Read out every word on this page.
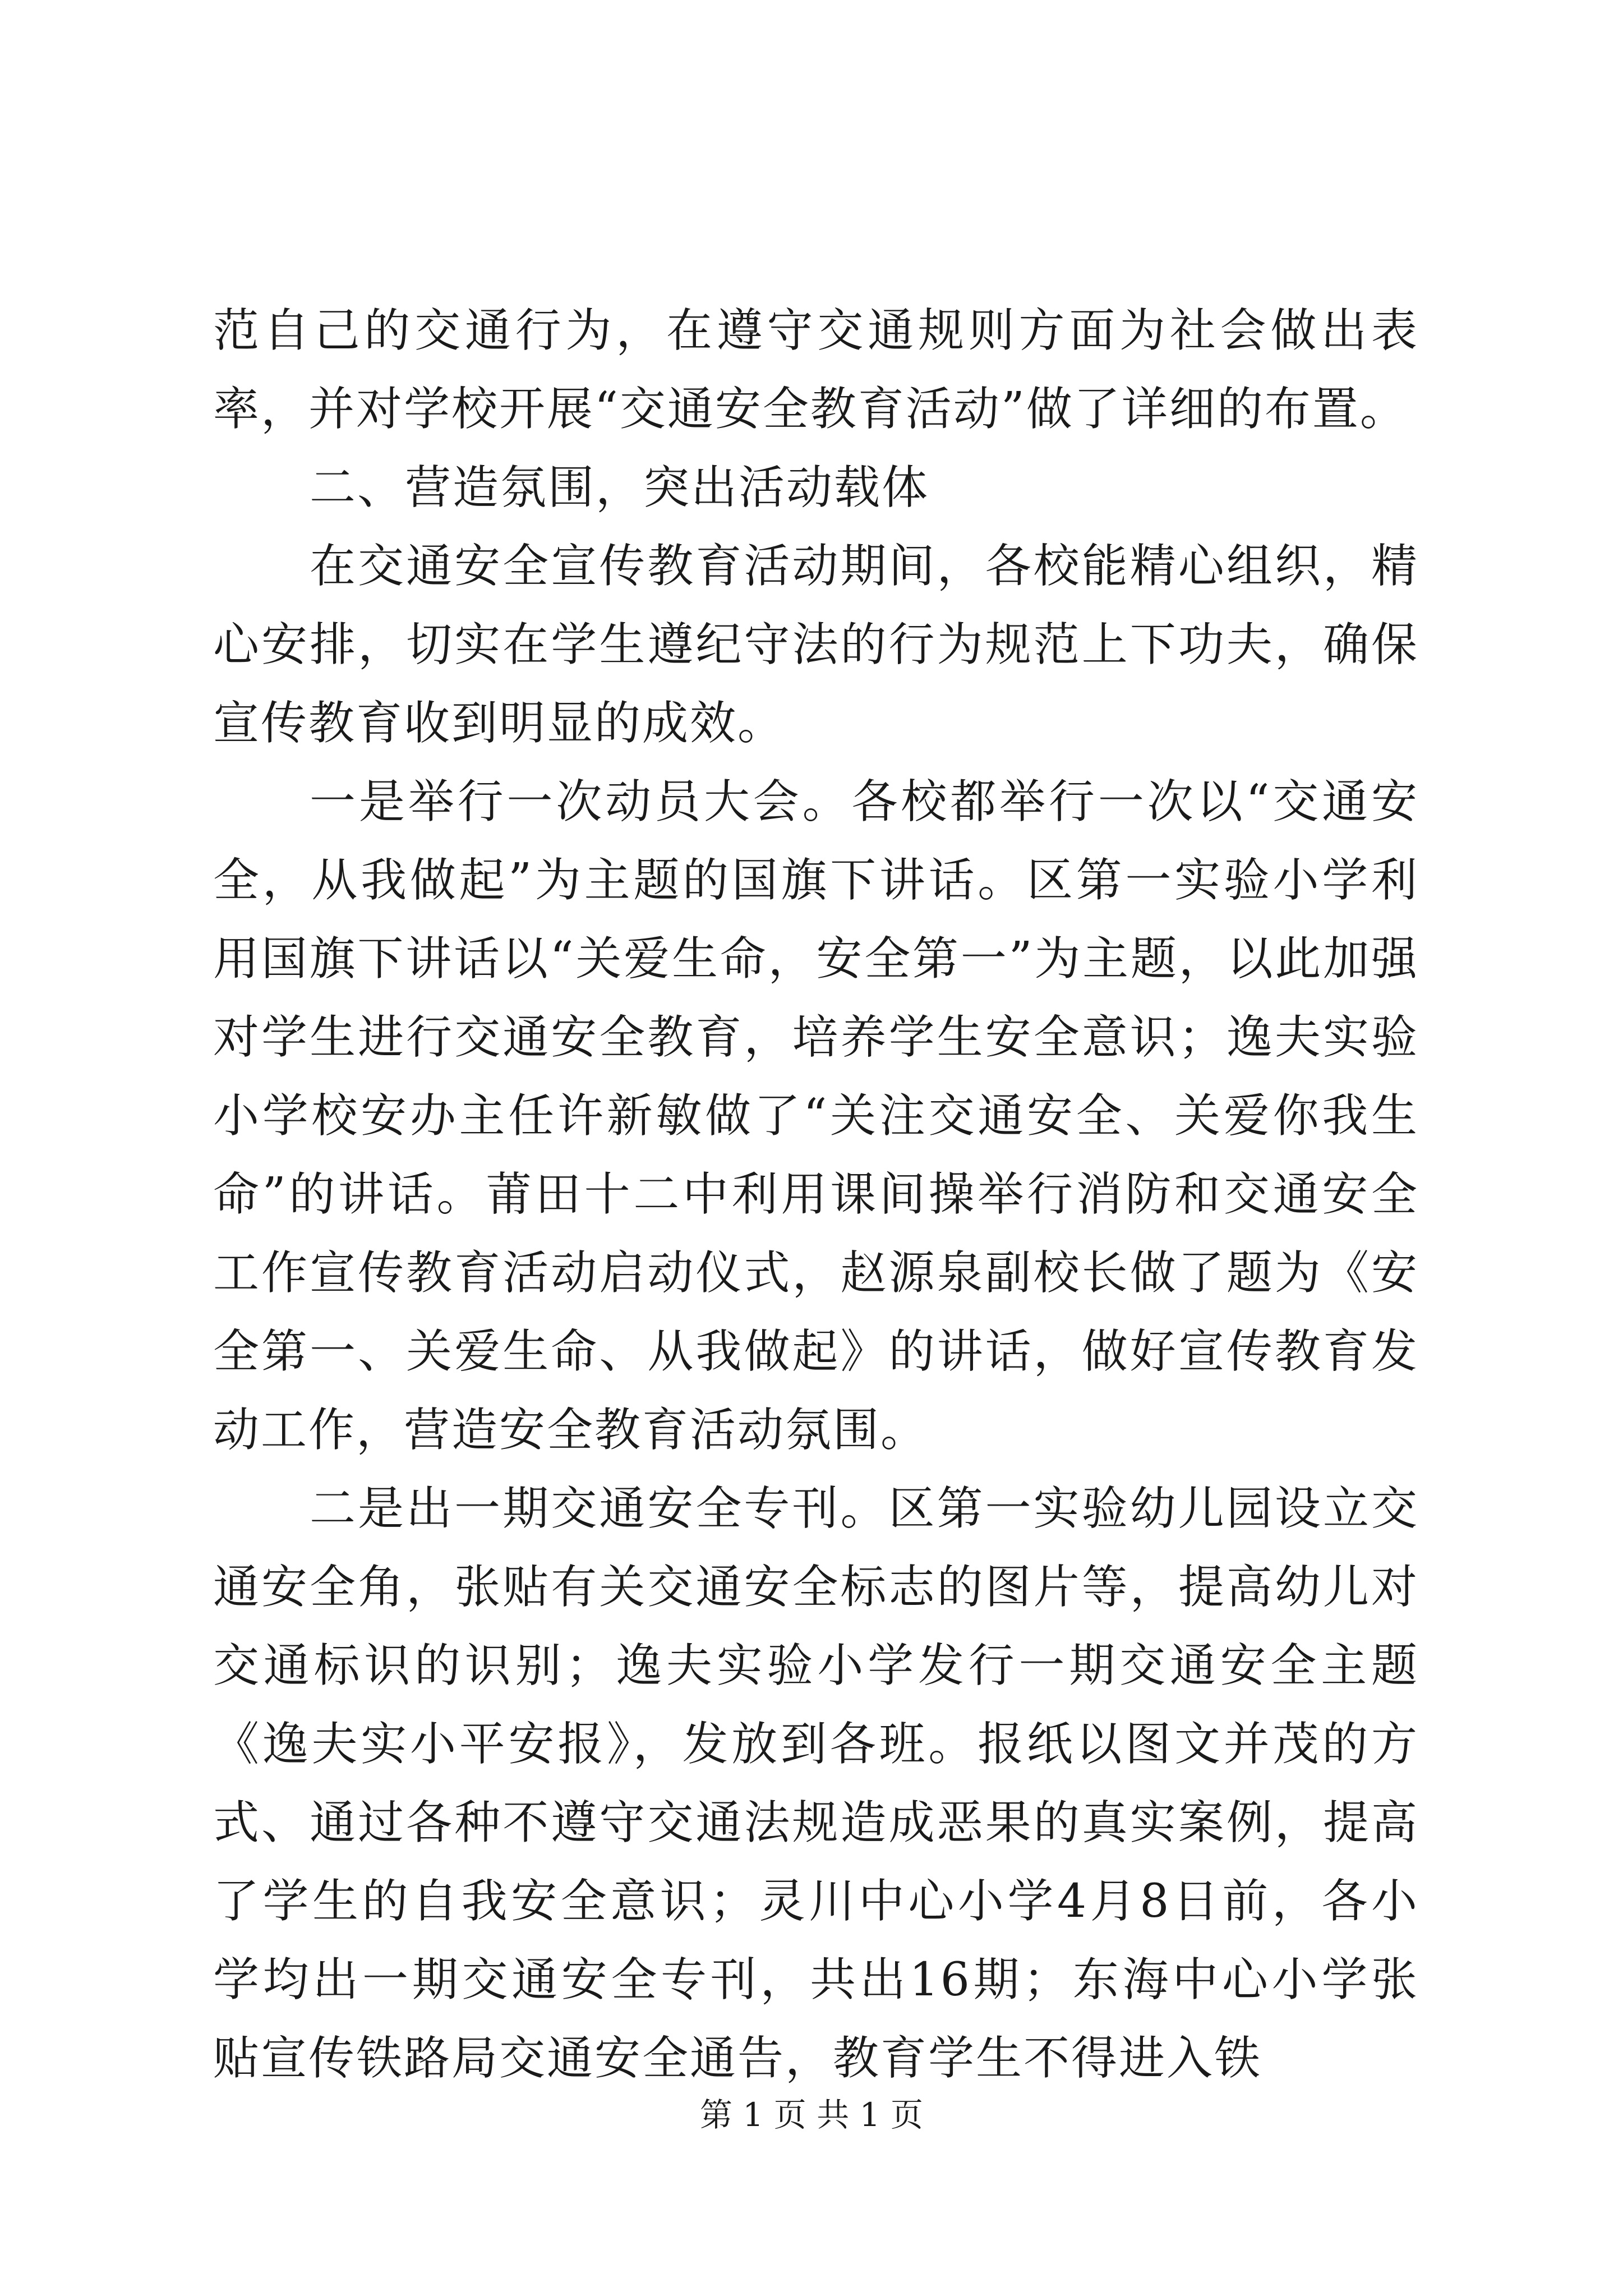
范自己的交通行为，在遵守交通规则方面为社会做出表率，并对学校开展“交通安全教育活动”做了详细的布置。

二、营造氛围，突出活动载体

在交通安全宣传教育活动期间，各校能精心组织，精心安排，切实在学生遵纪守法的行为规范上下功夫，确保宣传教育收到明显的成效。

一是举行一次动员大会。各校都举行一次以“交通安全，从我做起”为主题的国旗下讲话。区第一实验小学利用国旗下讲话以“关爱生命，安全第一”为主题，以此加强对学生进行交通安全教育，培养学生安全意识；逸夫实验小学校安办主任许新敏做了“关注交通安全、关爱你我生命”的讲话。莆田十二中利用课间操举行消防和交通安全工作宣传教育活动启动仪式，赵源泉副校长做了题为《安全第一、关爱生命、从我做起》的讲话，做好宣传教育发动工作，营造安全教育活动氛围。

二是出一期交通安全专刊。区第一实验幼儿园设立交通安全角，张贴有关交通安全标志的图片等，提高幼儿对交通标识的识别；逸夫实验小学发行一期交通安全主题《逸夫实小平安报》，发放到各班。报纸以图文并茂的方式、通过各种不遵守交通法规造成恶果的真实案例，提高了学生的自我安全意识；灵川中心小学4月8日前，各小学均出一期交通安全专刊，共出16期；东海中心小学张贴宣传铁路局交通安全通告，教育学生不得进入铁

第 1 页 共 1 页
